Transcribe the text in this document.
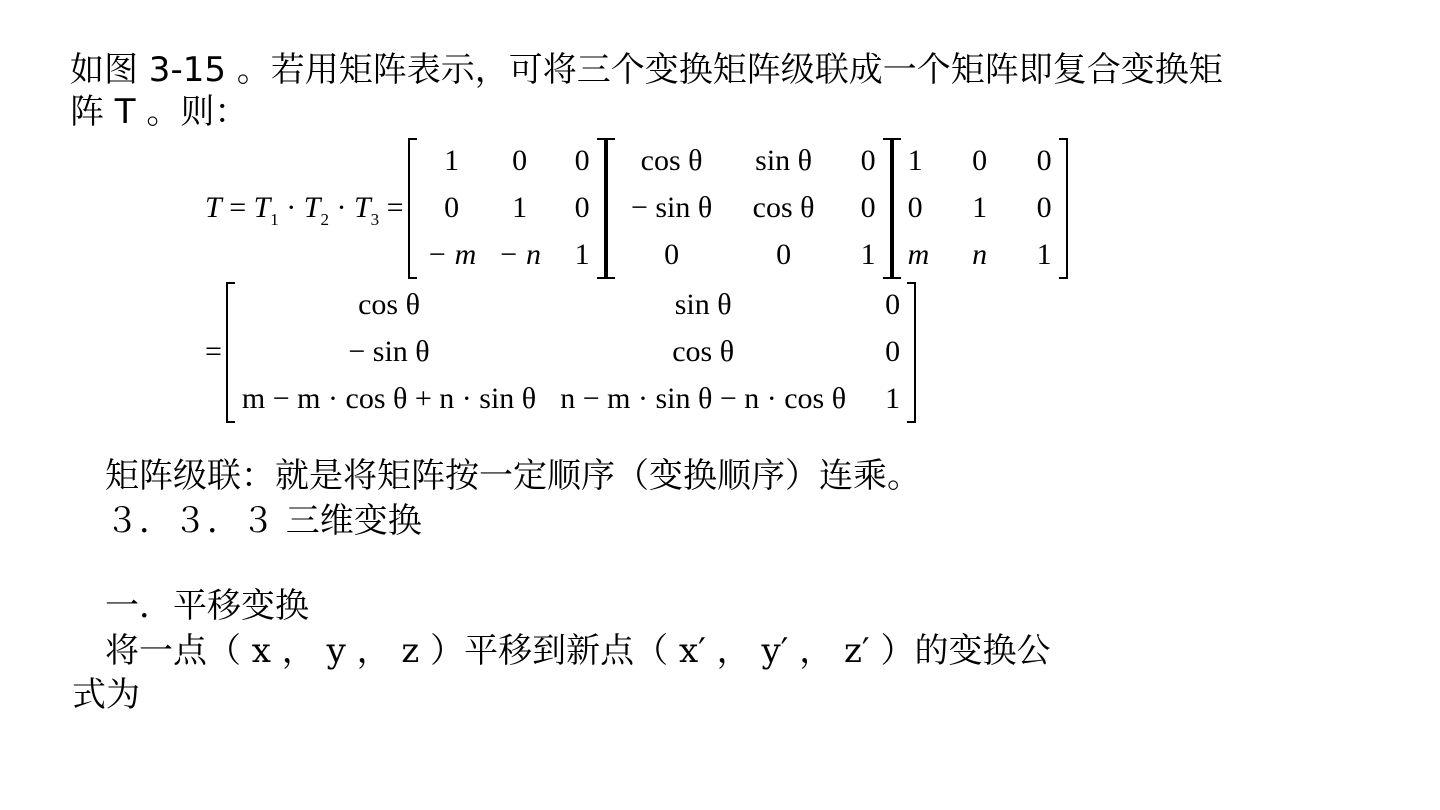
如图 3-15 。若用矩阵表示，可将三个变换矩阵级联成一个矩阵即复合变换矩

阵 T 。则：

$T = T_1 \cdot T_2 \cdot T_3$ =
1	0	0
0	1	0
− m	− n	1
cos θ	sin θ	0
− sin θ	cos θ	0
0	0	1
1	0	0
0	1	0
m	n	1
=
cos θ	sin θ	0
− sin θ	cos θ	0
m − m · cos θ + n · sin θ	n − m · sin θ − n · cos θ	1

矩阵级联：就是将矩阵按一定顺序（变换顺序）连乘。

３．３．３ 三维变换

一．平移变换

将一点（ x ， y ， z ）平移到新点（ x′ ， y′ ， z′ ）的变换公

式为
